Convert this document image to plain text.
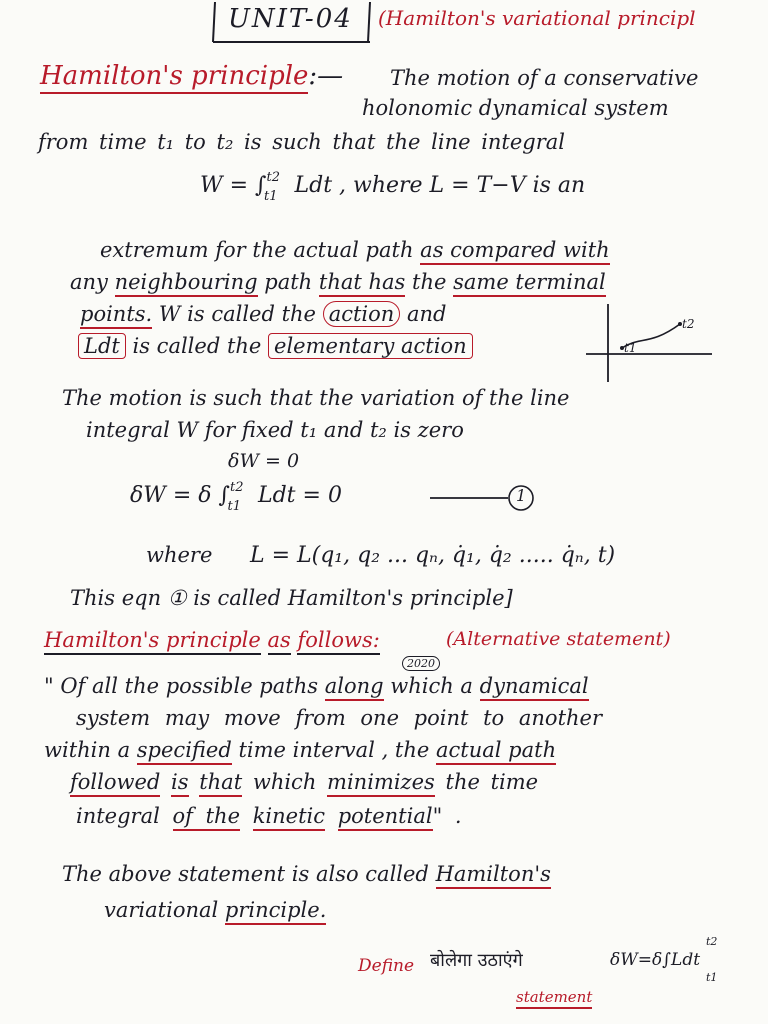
UNIT-04 (Hamilton's variational principl
Hamilton's principle:— The motion of a conservative
holonomic dynamical system
from time t₁ to t₂ is such that the line integral
W = ∫$^{t2}_{t1}$ Ldt , where L = T−V is an
extremum for the actual path as compared with
any neighbouring path that has the same terminal
points. W is called the action and
Ldt is called the elementary action	t1
t2
The motion is such that the variation of the line
integral W for fixed t₁ and t₂ is zero
δW = 0
δW = δ ∫$^{t2}_{t1}$ Ldt = 0	1
where L = L(q₁, q₂ ... qₙ, q̇₁, q̇₂ ..... q̇ₙ, t)
This eqn ① is called Hamilton's principle]
Hamilton's principle as follows:
2020
(Alternative statement)
" Of all the possible paths along which a dynamical
system may move from one point to another
within a specified time interval , the actual path
followed is that which minimizes the time
integral of the kinetic potential" .
The above statement is also called Hamilton's
variational principle.
Define बोलेगा उठाएंगे	δW=δ∫Ldt
t2
t1
statement
